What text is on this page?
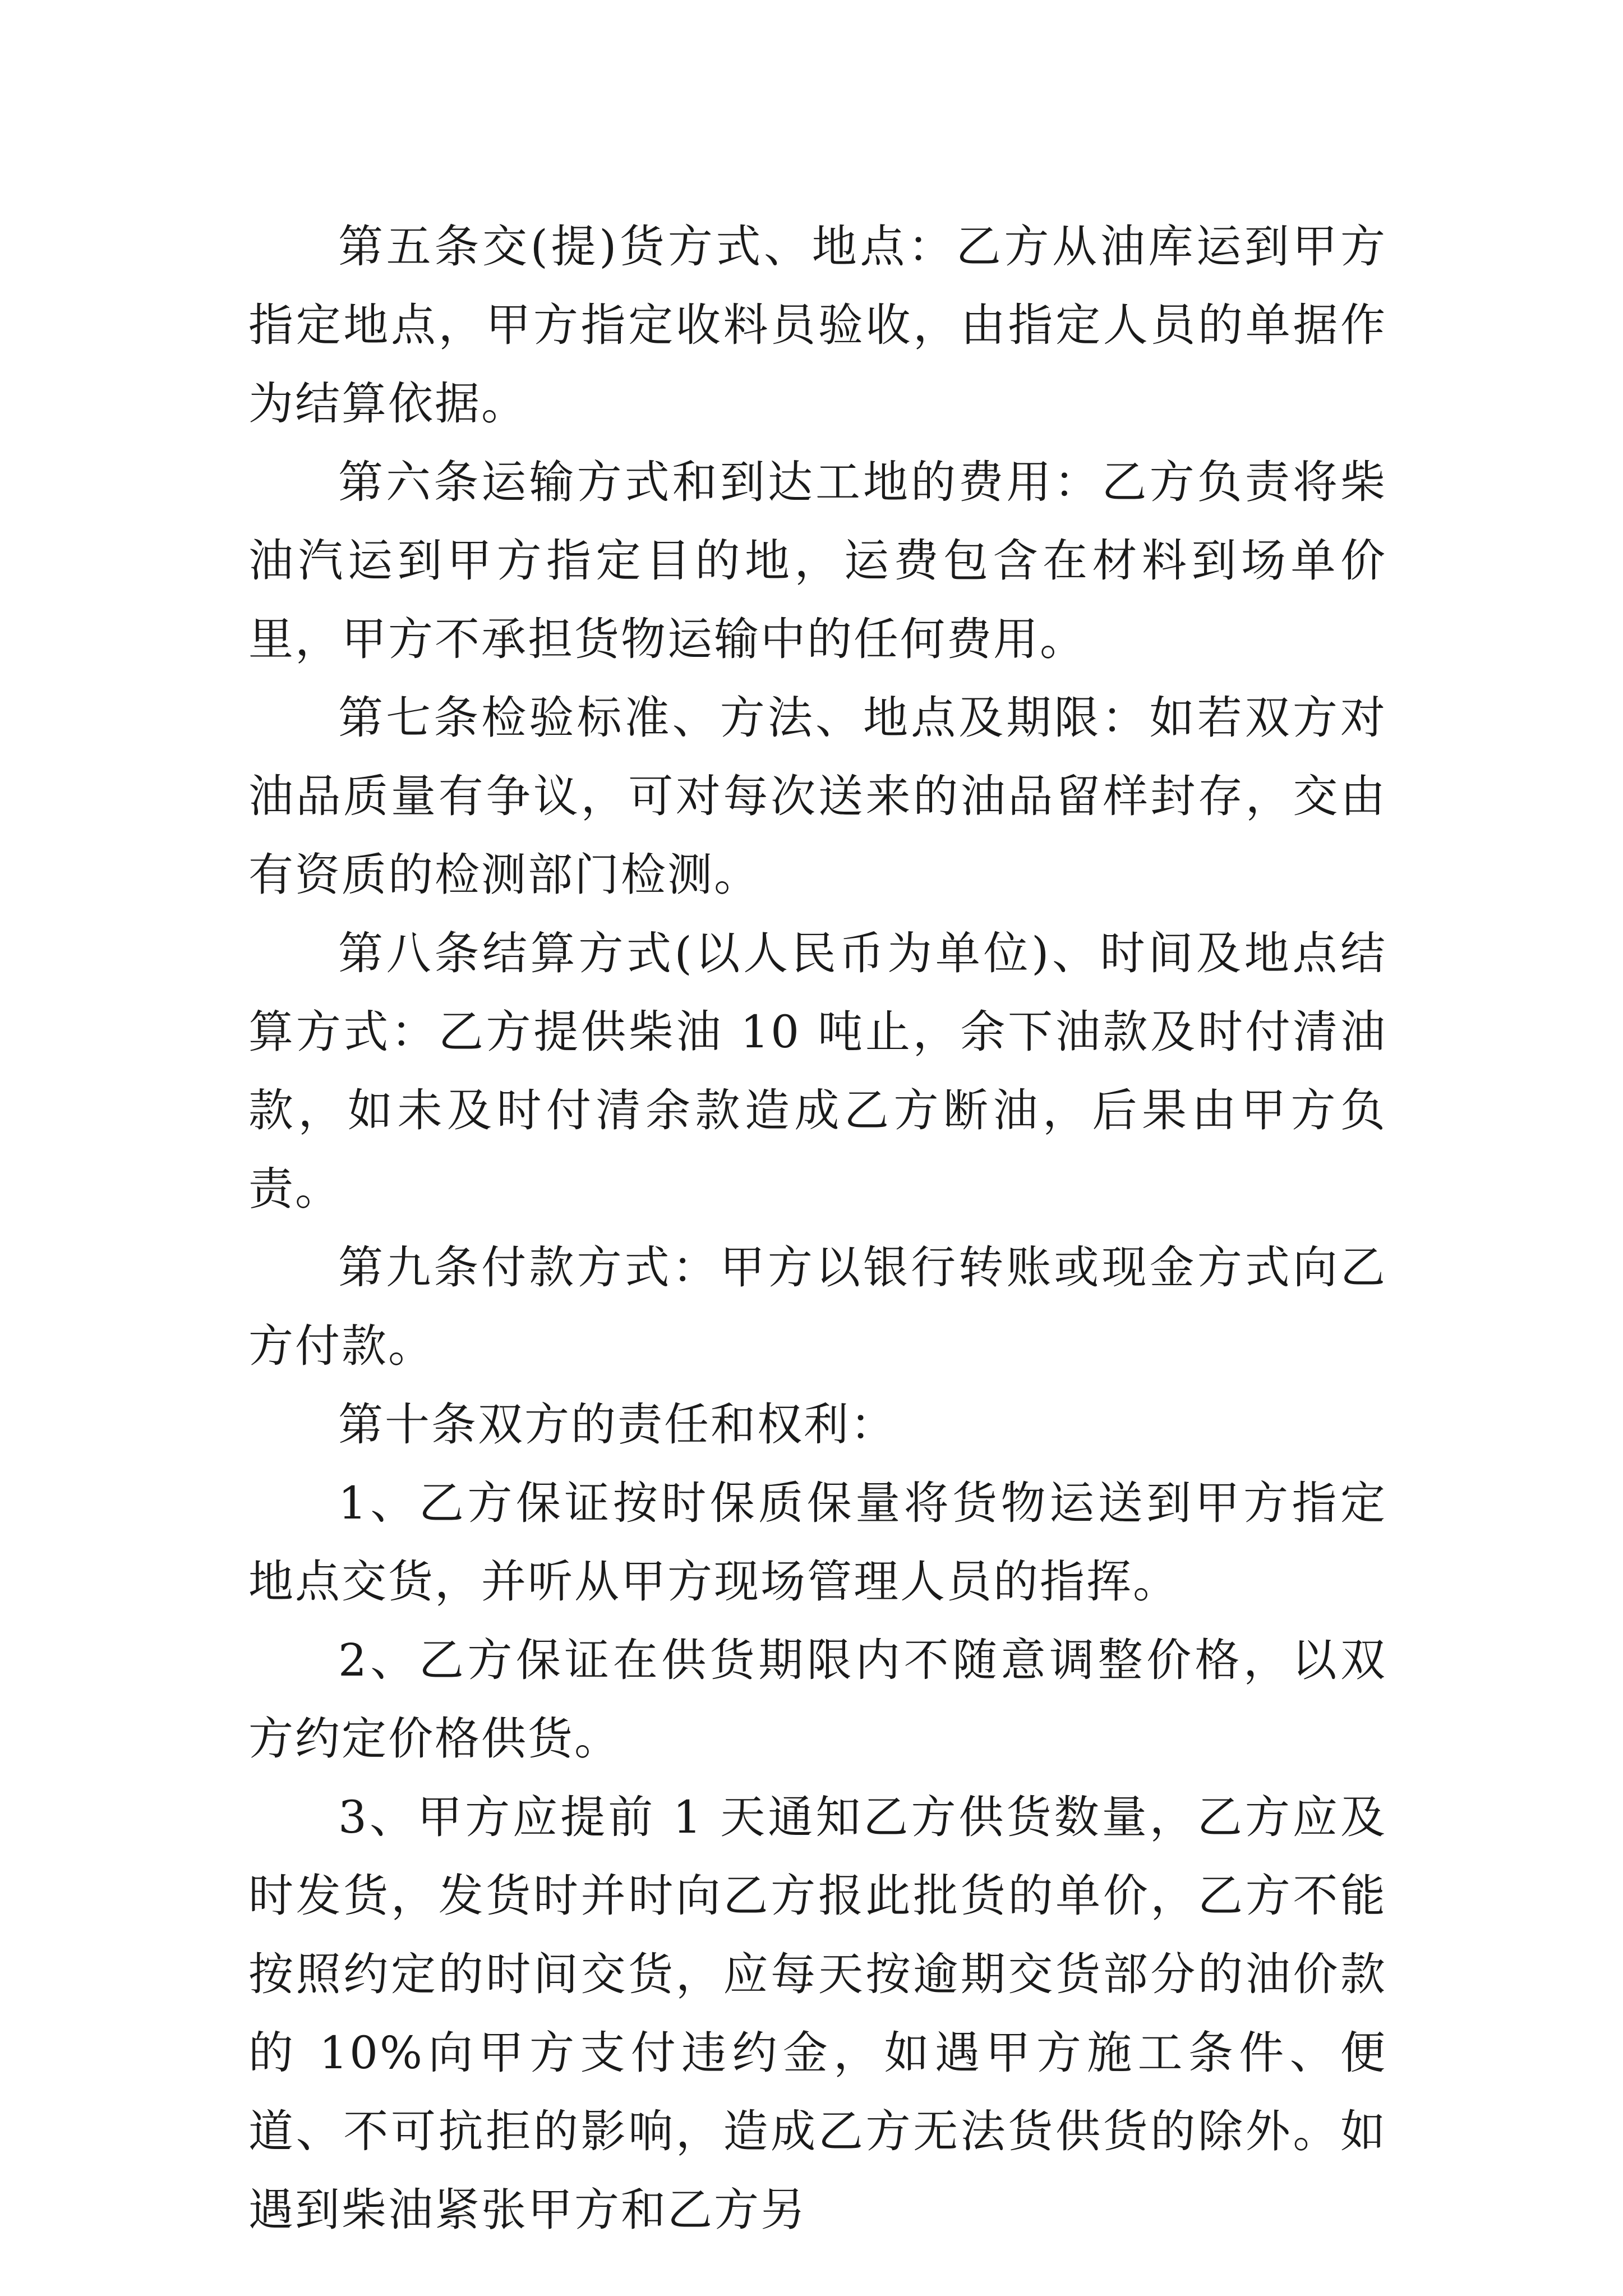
第五条交(提)货方式、地点：乙方从油库运到甲方指定地点，甲方指定收料员验收，由指定人员的单据作为结算依据。

第六条运输方式和到达工地的费用：乙方负责将柴油汽运到甲方指定目的地，运费包含在材料到场单价里，甲方不承担货物运输中的任何费用。

第七条检验标准、方法、地点及期限：如若双方对油品质量有争议，可对每次送来的油品留样封存，交由有资质的检测部门检测。

第八条结算方式(以人民币为单位)、时间及地点结算方式：乙方提供柴油 10 吨止，余下油款及时付清油款，如未及时付清余款造成乙方断油，后果由甲方负责。

第九条付款方式：甲方以银行转账或现金方式向乙方付款。

第十条双方的责任和权利：

1、乙方保证按时保质保量将货物运送到甲方指定地点交货，并听从甲方现场管理人员的指挥。

2、乙方保证在供货期限内不随意调整价格，以双方约定价格供货。

3、甲方应提前 1 天通知乙方供货数量，乙方应及时发货，发货时并时向乙方报此批货的单价，乙方不能按照约定的时间交货，应每天按逾期交货部分的油价款的 10%向甲方支付违约金，如遇甲方施工条件、便道、不可抗拒的影响，造成乙方无法货供货的除外。如遇到柴油紧张甲方和乙方另
